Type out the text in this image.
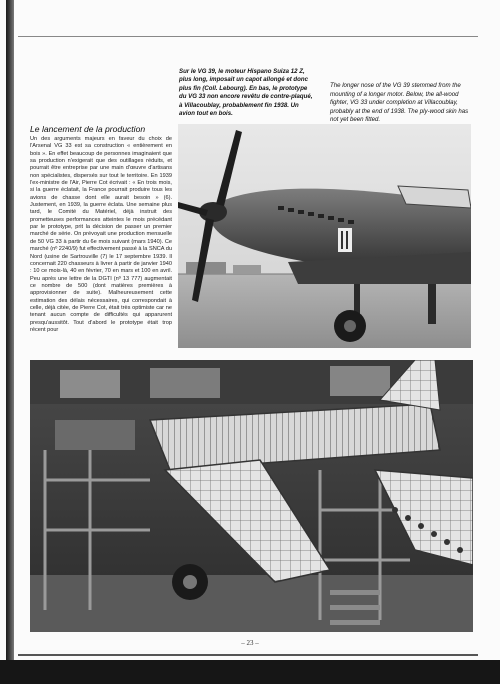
Sur le VG 39, le moteur Hispano Suiza 12 Z, plus long, imposait un capot allongé et donc plus fin (Coll. Lebourg). En bas, le prototype du VG 33 non encore revêtu de contre-plaqué, à Villacoublay, probablement fin 1938. Un avion tout en bois.
The longer nose of the VG 39 stemmed from the mounting of a longer motor. Below, the all-wood fighter, VG 33 under completion at Villacoublay, probably at the end of 1938. The ply-wood skin has not yet been fitted.
Le lancement de la production

Un des arguments majeurs en faveur du choix de l'Arsenal VG 33 est sa construction « entièrement en bois ». En effet beaucoup de personnes imaginaient que sa production n'exigerait que des outillages réduits, et pourrait être entreprise par une main d'œuvre d'artisans non spécialistes, dispersés sur tout le territoire. En 1939 l'ex-ministre de l'Air, Pierre Cot écrivait : « En trois mois, si la guerre éclatait, la France pourrait produire tous les avions de chasse dont elle aurait besoin » (6). Justement, en 1939, la guerre éclata. Une semaine plus tard, le Comité du Matériel, déjà instruit des prometteuses performances atteintes le mois précédant par le prototype, prit la décision de passer un premier marché de série. On prévoyait une production mensuelle de 50 VG 33 à partir du 6e mois suivant (mars 1940). Ce marché (nº 2240/9) fut effectivement passé à la SNCA du Nord (usine de Sartrouville (7) le 17 septembre 1939. Il concernait 220 chasseurs à livrer à partir de janvier 1940 : 10 ce mois-là, 40 en février, 70 en mars et 100 en avril. Peu après une lettre de la DGTI (nº 13 777) augmentait ce nombre de 500 (dont matières premières à approvisionner de suite). Malheureusement cette estimation des délais nécessaires, qui correspondait à celle, déjà citée, de Pierre Cot, était très optimiste car ne tenant aucun compte de difficultés qui apparurent presqu'aussitôt. Tout d'abord le prototype était trop récent pour

– 23 –
